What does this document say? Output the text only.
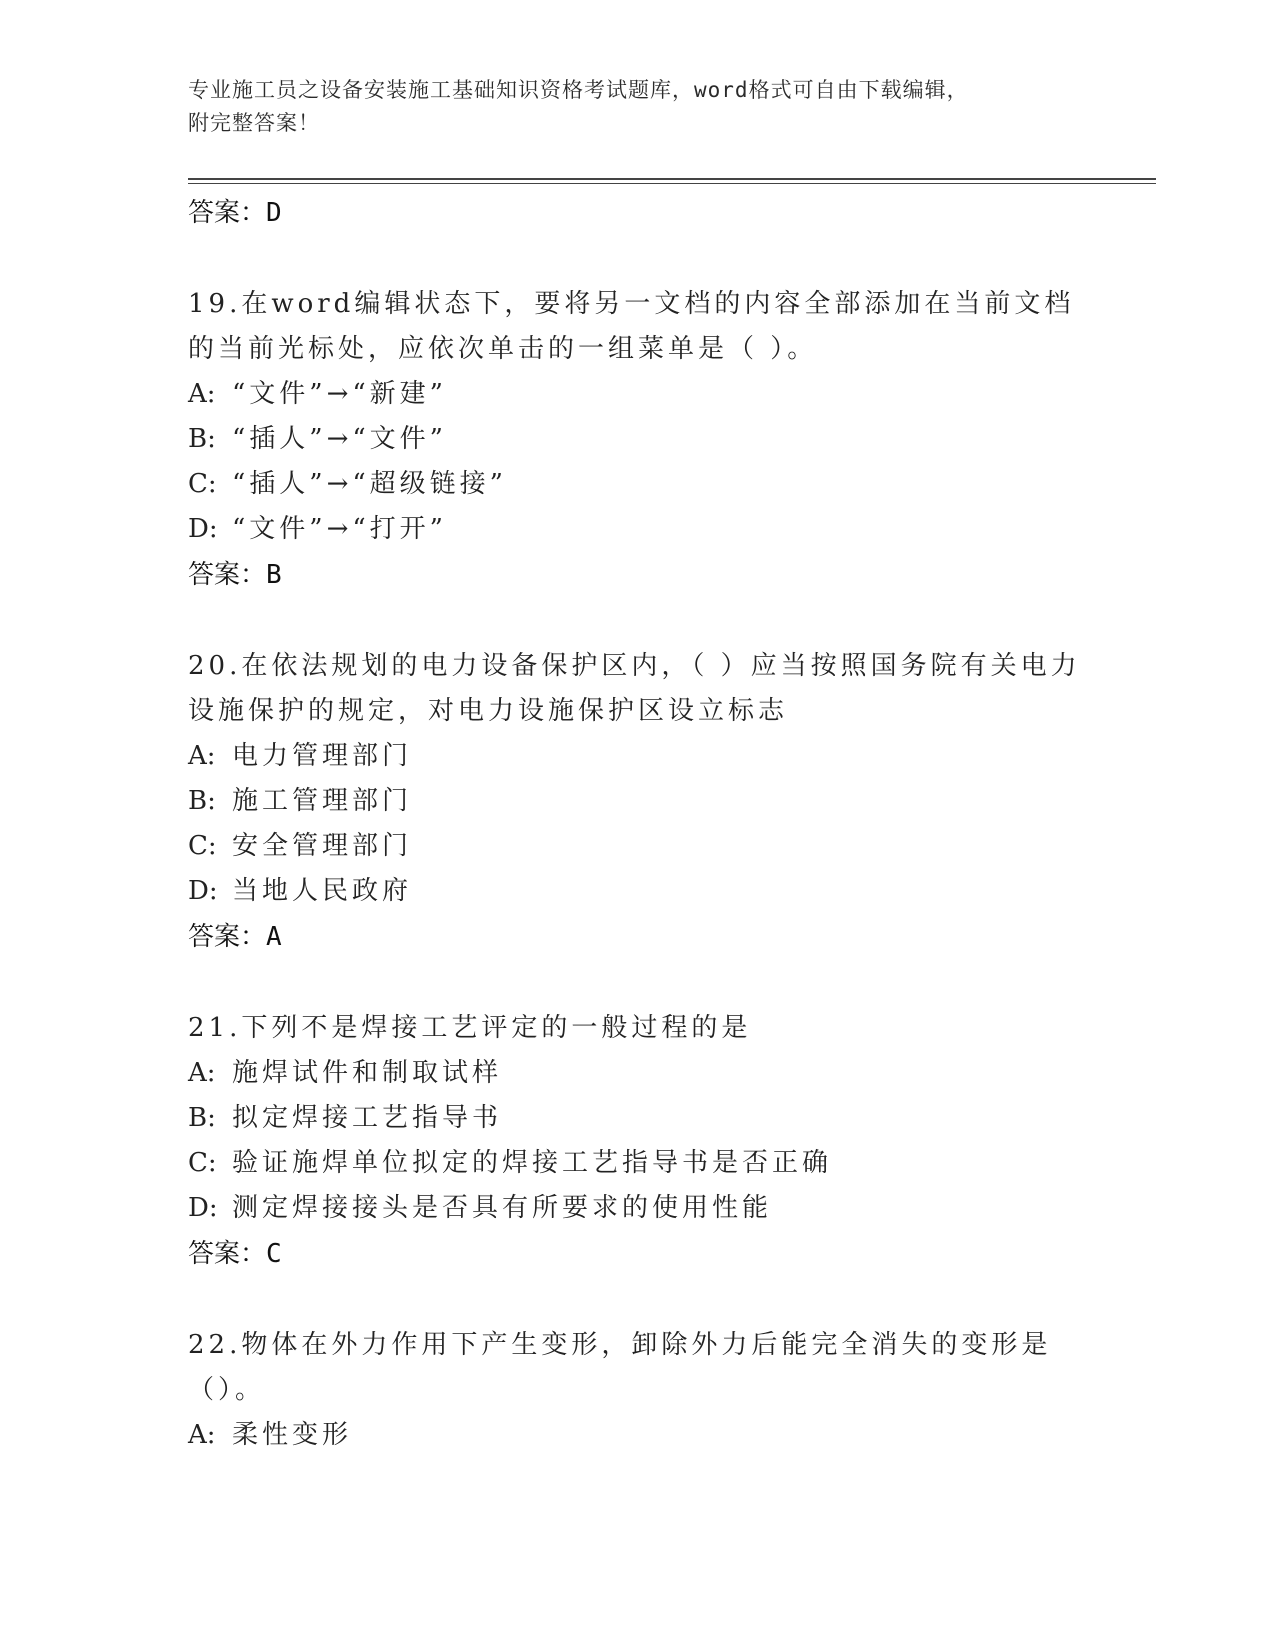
专业施工员之设备安装施工基础知识资格考试题库，word格式可自由下载编辑，
附完整答案！
答案：D
19.在word编辑状态下，要将另一文档的内容全部添加在当前文档的当前光标处，应依次单击的一组菜单是（ ）。
A: “文件”→“新建”
B: “插人”→“文件”
C: “插人”→“超级链接”
D: “文件”→“打开”
答案：B
20.在依法规划的电力设备保护区内，（ ）应当按照国务院有关电力设施保护的规定，对电力设施保护区设立标志
A: 电力管理部门
B: 施工管理部门
C: 安全管理部门
D: 当地人民政府
答案：A
21.下列不是焊接工艺评定的一般过程的是
A: 施焊试件和制取试样
B: 拟定焊接工艺指导书
C: 验证施焊单位拟定的焊接工艺指导书是否正确
D: 测定焊接接头是否具有所要求的使用性能
答案：C
22.物体在外力作用下产生变形，卸除外力后能完全消失的变形是（）。
A: 柔性变形
